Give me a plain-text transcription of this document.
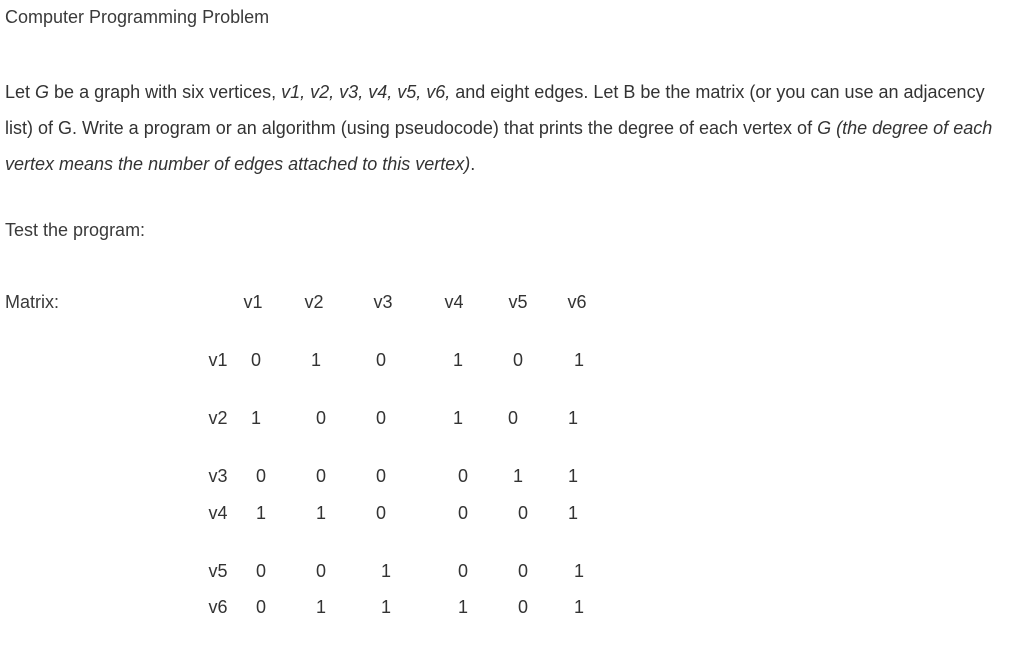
Computer Programming Problem
Let G be a graph with six vertices, v1, v2, v3, v4, v5, v6, and eight edges. Let B be the matrix (or you can use an adjacency list) of G. Write a program or an algorithm (using pseudocode) that prints the degree of each vertex of G (the degree of each vertex means the number of edges attached to this vertex).
Test the program:
Matrix:	v1 v2	v3	v4 v5 v6
v1 0	1	0	1	0	1
v2 1	0	0	1 0	1
v3 0	0	0	0 1 1
v4 1	1	0	0	0 1
v5 0	0	1	0	0	1
v6 0	1	1	1	0	1
